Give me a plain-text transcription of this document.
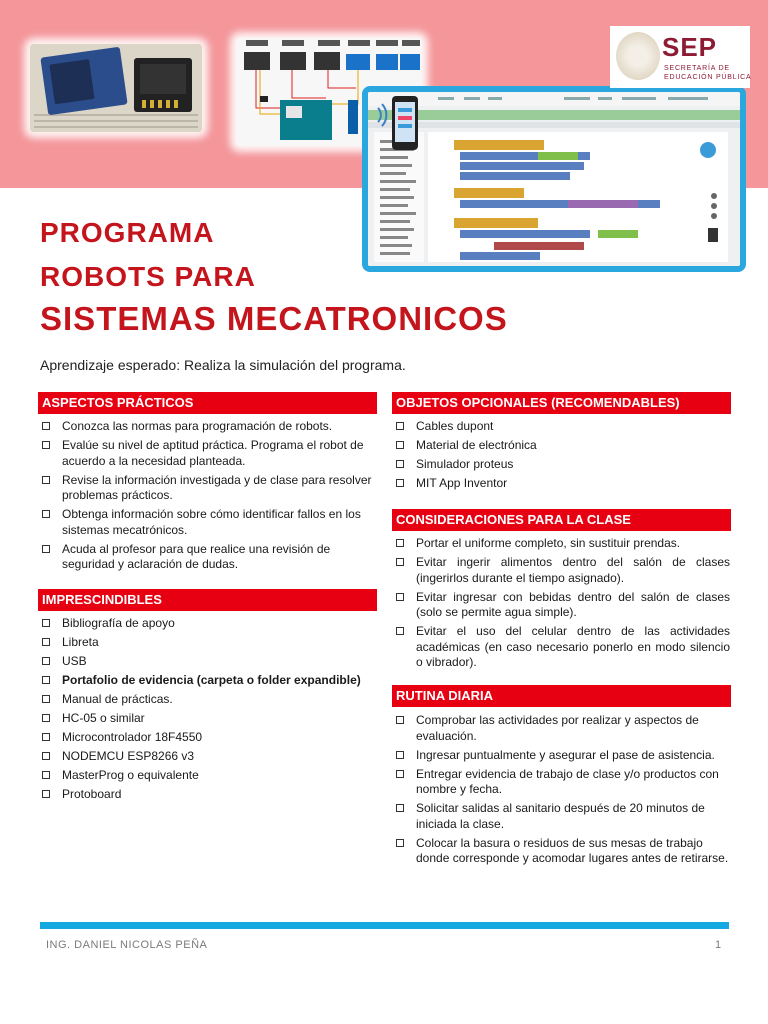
SEP
SECRETARÍA DE
EDUCACIÓN PÚBLICA
PROGRAMA
ROBOTS PARA
SISTEMAS MECATRONICOS
Aprendizaje esperado: Realiza la simulación del programa.
ASPECTOS PRÁCTICOS
Conozca las normas para programación de robots.
Evalúe su nivel de aptitud práctica. Programa el robot de acuerdo a la necesidad planteada.
Revise la información investigada y de clase para resolver problemas prácticos.
Obtenga información sobre cómo identificar fallos en los sistemas mecatrónicos.
Acuda al profesor para que realice una revisión de seguridad y aclaración de dudas.
IMPRESCINDIBLES
Bibliografía de apoyo
Libreta
USB
Portafolio de evidencia (carpeta o folder expandible)
Manual de prácticas.
HC-05 o similar
Microcontrolador 18F4550
NODEMCU ESP8266 v3
MasterProg o equivalente
Protoboard
OBJETOS OPCIONALES (RECOMENDABLES)
Cables dupont
Material de electrónica
Simulador proteus
MIT App Inventor
CONSIDERACIONES PARA LA CLASE
Portar el uniforme completo, sin sustituir prendas.
Evitar ingerir alimentos dentro del salón de clases (ingerirlos durante el tiempo asignado).
Evitar ingresar con bebidas dentro del salón de clases (solo se permite agua simple).
Evitar el uso del celular dentro de las actividades académicas (en caso necesario ponerlo en modo silencio o vibrador).
RUTINA DIARIA
Comprobar las actividades por realizar y aspectos de evaluación.
Ingresar puntualmente y asegurar el pase de asistencia.
Entregar evidencia de trabajo de clase y/o productos con nombre y fecha.
Solicitar salidas al sanitario después de 20 minutos de iniciada la clase.
Colocar la basura o residuos de sus mesas de trabajo donde corresponde y acomodar lugares antes de retirarse.
ING. DANIEL NICOLAS PEÑA	1
